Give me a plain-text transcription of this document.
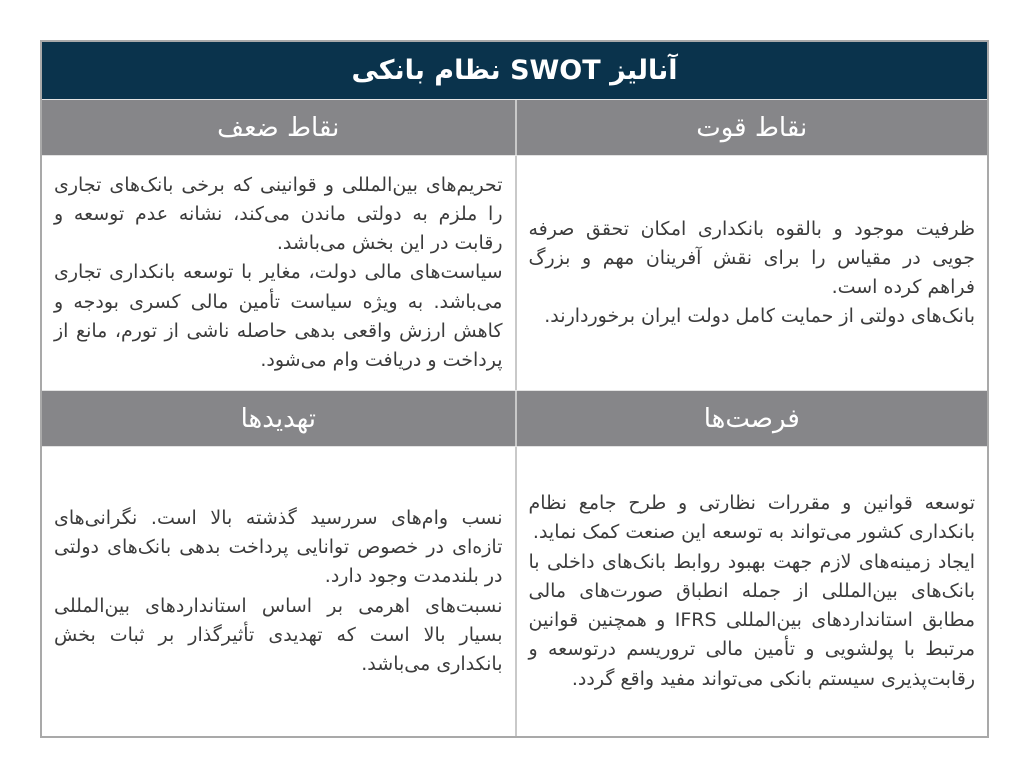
آنالیز SWOT نظام بانکی
نقاط قوت
نقاط ضعف

ظرفیت موجود و بالقوه بانکداری امکان تحقق صرفه جویی در مقیاس را برای نقش آفرینان مهم و بزرگ فراهم کرده است.

بانک‌های دولتی از حمایت کامل دولت ایران برخوردارند.

تحریم‌های بین‌المللی و قوانینی که برخی بانک‌های تجاری را ملزم به دولتی ماندن می‌کند، نشانه عدم توسعه و رقابت در این بخش می‌باشد.

سیاست‌های مالی دولت، مغایر با توسعه بانکداری تجاری می‌باشد. به ویژه سیاست تأمین مالی کسری بودجه و کاهش ارزش واقعی بدهی حاصله ناشی از تورم، مانع از پرداخت و دریافت وام می‌شود.

فرصت‌ها
تهدیدها

توسعه قوانین و مقررات نظارتی و طرح جامع نظام بانکداری کشور می‌تواند به توسعه این صنعت کمک نماید.

ایجاد زمینه‌های لازم جهت بهبود روابط بانک‌های داخلی با بانک‌های بین‌المللی از جمله انطباق صورت‌های مالی مطابق استانداردهای بین‌المللی IFRS و همچنین قوانین مرتبط با پولشویی و تأمین مالی تروریسم درتوسعه و رقابت‌پذیری سیستم بانکی می‌تواند مفید واقع گردد.

نسب وام‌های سررسید گذشته بالا است. نگرانی‌های تازه‌ای در خصوص توانایی پرداخت بدهی بانک‌های دولتی در بلندمدت وجود دارد.

نسبت‌های اهرمی بر اساس استانداردهای بین‌المللی بسیار بالا است که تهدیدی تأثیرگذار بر ثبات بخش بانکداری می‌باشد.
